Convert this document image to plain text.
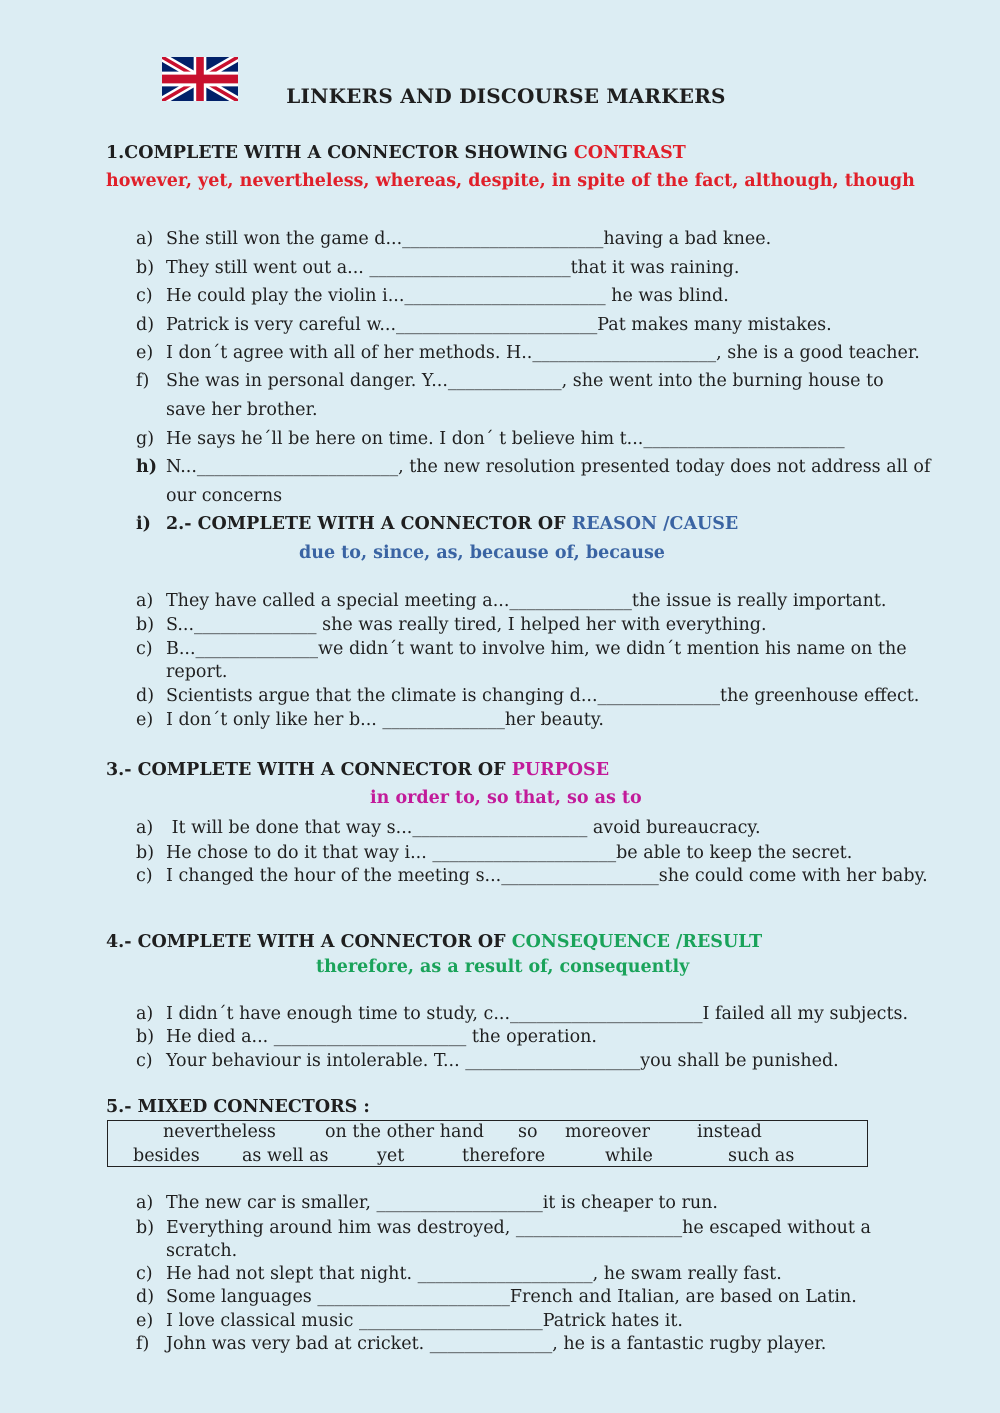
LINKERS AND DISCOURSE MARKERS
1.COMPLETE WITH A CONNECTOR SHOWING CONTRAST
however, yet, nevertheless, whereas, despite, in spite of the fact, although, though
a) She still won the game d..._______________________having a bad knee.
b) They still went out a... _______________________that it was raining.
c) He could play the violin i..._______________________ he was blind.
d) Patrick is very careful w..._______________________Pat makes many mistakes.
e) I don´t agree with all of her methods. H.._____________________, she is a good teacher.
f) She was in personal danger. Y..._____________, she went into the burning house to
save her brother.
g) He says he´ll be here on time. I don´ t believe him t..._______________________
h) N..._______________________, the new resolution presented today does not address all of
our concerns
i) 2.- COMPLETE WITH A CONNECTOR OF REASON /CAUSE
due to, since, as, because of, because
a) They have called a special meeting a...______________the issue is really important.
b) S...______________ she was really tired, I helped her with everything.
c) B...______________we didn´t want to involve him, we didn´t mention his name on the
report.
d) Scientists argue that the climate is changing d...______________the greenhouse effect.
e) I don´t only like her b... ______________her beauty.
3.- COMPLETE WITH A CONNECTOR OF PURPOSE
in order to, so that, so as to
a) It will be done that way s...____________________ avoid bureaucracy.
b) He chose to do it that way i... _____________________be able to keep the secret.
c) I changed the hour of the meeting s...__________________she could come with her baby.
4.- COMPLETE WITH A CONNECTOR OF CONSEQUENCE /RESULT
therefore, as a result of, consequently
a) I didn´t have enough time to study, c...______________________I failed all my subjects.
b) He died a... ______________________ the operation.
c) Your behaviour is intolerable. T... ____________________you shall be punished.
5.- MIXED CONNECTORS :
nevertheless	on the other hand so moreover	instead
besides as well as	yet	therefore	while	such as
a) The new car is smaller, ___________________it is cheaper to run.
b) Everything around him was destroyed, ___________________he escaped without a
scratch.
c) He had not slept that night. ____________________, he swam really fast.
d) Some languages ______________________French and Italian, are based on Latin.
e) I love classical music _____________________Patrick hates it.
f) John was very bad at cricket. ______________, he is a fantastic rugby player.
